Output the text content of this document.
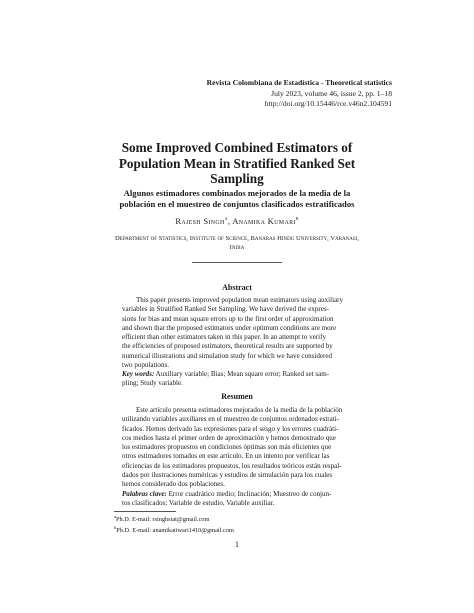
Revista Colombiana de Estadística - Theoretical statistics
July 2023, volume 46, issue 2, pp. 1–18
http://doi.org/10.15446/rce.v46n2.104591
Some Improved Combined Estimators of
Population Mean in Stratified Ranked Set
Sampling
Algunos estimadores combinados mejorados de la media de la
población en el muestreo de conjuntos clasificados estratificados
Rajesh Singh$^a$, Anamika Kumari$^b$
Department of Statistics, Institute of Science, Banaras Hindu University, Varanasi,
India
Abstract
This paper presents improved population mean estimators using auxiliary
variables in Stratified Ranked Set Sampling. We have derived the expres-
sions for bias and mean square errors up to the first order of approximation
and shown that the proposed estimators under optimum conditions are more
efficient than other estimators taken in this paper. In an attempt to verify
the efficiencies of proposed estimators, theoretical results are supported by
numerical illustrations and simulation study for which we have considered
two populations.
Key words: Auxiliary variable; Bias; Mean square error; Ranked set sam-
pling; Study variable.
Resumen
Este artículo presenta estimadores mejorados de la media de la población
utilizando variables auxiliares en el muestreo de conjuntos ordenados estrati-
ficados. Hemos derivado las expresiones para el sesgo y los errores cuadráti-
cos medios hasta el primer orden de aproximación y hemos demostrado que
los estimadores propuestos en condiciones óptimas son más eficientes que
otros estimadores tomados en este artículo. En un intento por verificar las
eficiencias de los estimadores propuestos, los resultados teóricos están respal-
dados por ilustraciones numéricas y estudios de simulación para los cuales
hemos considerado dos poblaciones.
Palabras clave: Error cuadrático medio; Inclinación; Muestreo de conjun-
tos clasificados; Variable de estudio, Variable auxiliar.
$^a$Ph.D. E-mail: rsinghstat@gmail.com
$^b$Ph.D. E-mail: anamikatiwari1410@gmail.com
1
